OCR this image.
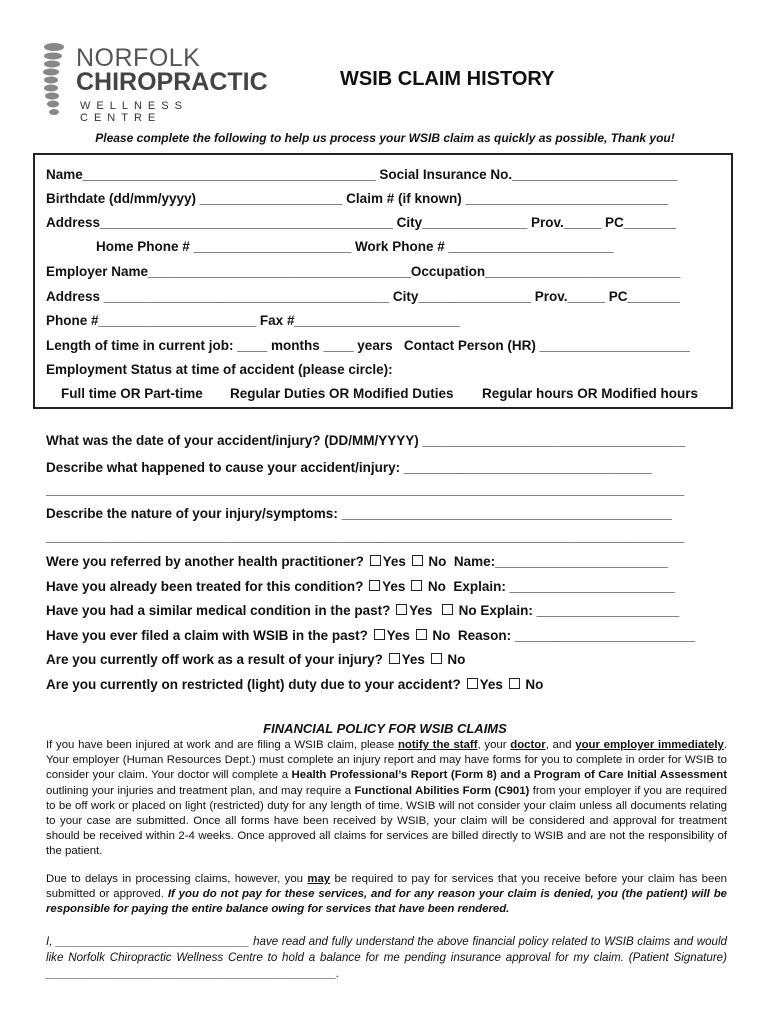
NORFOLK
CHIROPRACTIC
WELLNESS CENTRE
WSIB CLAIM HISTORY
Please complete the following to help us process your WSIB claim as quickly as possible, Thank you!
Name_______________________________________ Social Insurance No.______________________
Birthdate (dd/mm/yyyy) ___________________ Claim # (if known) ___________________________
Address_______________________________________ City______________ Prov._____ PC_______
Home Phone # _____________________ Work Phone # ______________________
Employer Name___________________________________Occupation__________________________
Address ______________________________________ City_______________ Prov._____ PC_______
Phone #_____________________ Fax #______________________
Length of time in current job: ____ months ____ years   Contact Person (HR) ____________________
Employment Status at time of accident (please circle):
Full time OR Part-time Regular Duties OR Modified Duties Regular hours OR Modified hours
What was the date of your accident/injury? (DD/MM/YYYY) ___________________________________
Describe what happened to cause your accident/injury: _________________________________
_____________________________________________________________________________________
Describe the nature of your injury/symptoms: ____________________________________________
_____________________________________________________________________________________
Were you referred by another health practitioner? Yes  No  Name:_______________________
Have you already been treated for this condition? Yes  No  Explain: ______________________
Have you had a similar medical condition in the past? Yes   No Explain: ___________________
Have you ever filed a claim with WSIB in the past? Yes  No  Reason: ________________________
Are you currently off work as a result of your injury? Yes  No
Are you currently on restricted (light) duty due to your accident? Yes  No
FINANCIAL POLICY FOR WSIB CLAIMS
If you have been injured at work and are filing a WSIB claim, please notify the staff, your doctor, and your employer immediately. Your employer (Human Resources Dept.) must complete an injury report and may have forms for you to complete in order for WSIB to consider your claim. Your doctor will complete a Health Professional’s Report (Form 8) and a Program of Care Initial Assessment outlining your injuries and treatment plan, and may require a Functional Abilities Form (C901) from your employer if you are required to be off work or placed on light (restricted) duty for any length of time. WSIB will not consider your claim unless all documents relating to your case are submitted. Once all forms have been received by WSIB, your claim will be considered and approval for treatment should be received within 2-4 weeks. Once approved all claims for services are billed directly to WSIB and are not the responsibility of the patient.
Due to delays in processing claims, however, you may be required to pay for services that you receive before your claim has been submitted or approved. If you do not pay for these services, and for any reason your claim is denied, you (the patient) will be responsible for paying the entire balance owing for services that have been rendered.
I, ______________________________ have read and fully understand the above financial policy related to WSIB claims and would like Norfolk Chiropractic Wellness Centre to hold a balance for me pending insurance approval for my claim. (Patient Signature) _____________________________________________.
